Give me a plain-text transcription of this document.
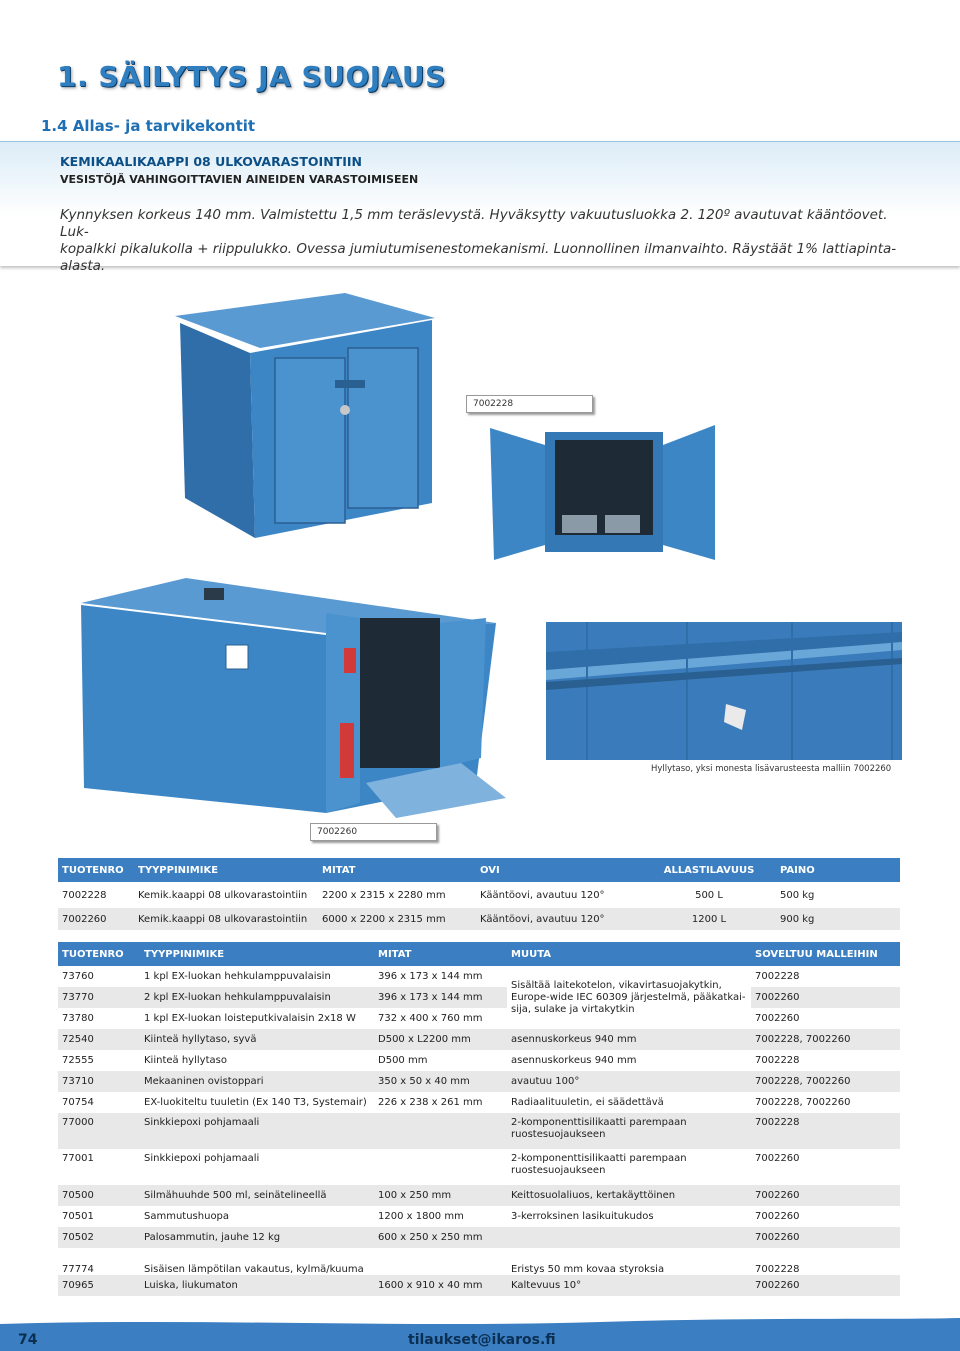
1. SÄILYTYS JA SUOJAUS
1.4 Allas- ja tarvikekontit
KEMIKAALIKAAPPI 08 ULKOVARASTOINTIIN
VESISTÖJÄ VAHINGOITTAVIEN AINEIDEN VARASTOIMISEEN
Kynnyksen korkeus 140 mm. Valmistettu 1,5 mm teräslevystä. Hyväksytty vakuutusluokka 2. 120º avautuvat kääntöovet. Luk-
kopalkki pikalukolla + riippulukko. Ovessa jumiutumisenestomekanismi. Luonnollinen ilmanvaihto. Räystäät 1% lattiapinta-alasta.
7002228
7002260
Hyllytaso, yksi monesta lisävarusteesta malliin 7002260
TUOTENRO	TYYPPINIMIKE	MITAT	OVI	ALLASTILAVUUS	PAINO
7002228	Kemik.kaappi 08 ulkovarastointiin	2200 x 2315 x 2280 mm	Kääntöovi, avautuu 120°	500 L	500 kg
7002260	Kemik.kaappi 08 ulkovarastointiin	6000 x 2200 x 2315 mm	Kääntöovi, avautuu 120°	1200 L	900 kg
TUOTENRO	TYYPPINIMIKE	MITAT	MUUTA	SOVELTUU MALLEIHIN
73760	1 kpl EX-luokan hehkulamppuvalaisin	396 x 173 x 144 mm	Sisältää laitekotelon, vikavirtasuojakytkin, Europe-wide IEC 60309 järjestelmä, pääkatkai-sija, sulake ja virtakytkin	7002228
73770	2 kpl EX-luokan hehkulamppuvalaisin	396 x 173 x 144 mm		7002260
73780	1 kpl EX-luokan loisteputkivalaisin 2x18 W	732 x 400 x 760 mm		7002260
72540	Kiinteä hyllytaso, syvä	D500 x L2200 mm	asennuskorkeus 940 mm	7002228, 7002260
72555	Kiinteä hyllytaso	D500 mm	asennuskorkeus 940 mm	7002228
73710	Mekaaninen ovistoppari	350 x 50 x 40 mm	avautuu 100°	7002228, 7002260
70754	EX-luokiteltu tuuletin (Ex 140 T3, Systemair)	226 x 238 x 261 mm	Radiaalituuletin, ei säädettävä	7002228, 7002260
77000	Sinkkiepoxi pohjamaali		2-komponenttisilikaatti parempaan ruostesuojaukseen	7002228
77001	Sinkkiepoxi pohjamaali		2-komponenttisilikaatti parempaan ruostesuojaukseen	7002260
70500	Silmähuuhde 500 ml, seinätelineellä	100 x 250 mm	Keittosuolaliuos, kertakäyttöinen	7002260
70501	Sammutushuopa	1200 x 1800 mm	3-kerroksinen lasikuitukudos	7002260
70502	Palosammutin, jauhe 12 kg	600 x 250 x 250 mm		7002260
77774	Sisäisen lämpötilan vakautus, kylmä/kuuma		Eristys 50 mm kovaa styroksia	7002228
70965	Luiska, liukumaton	1600 x 910 x 40 mm	Kaltevuus 10°	7002260
74	tilaukset@ikaros.fi
